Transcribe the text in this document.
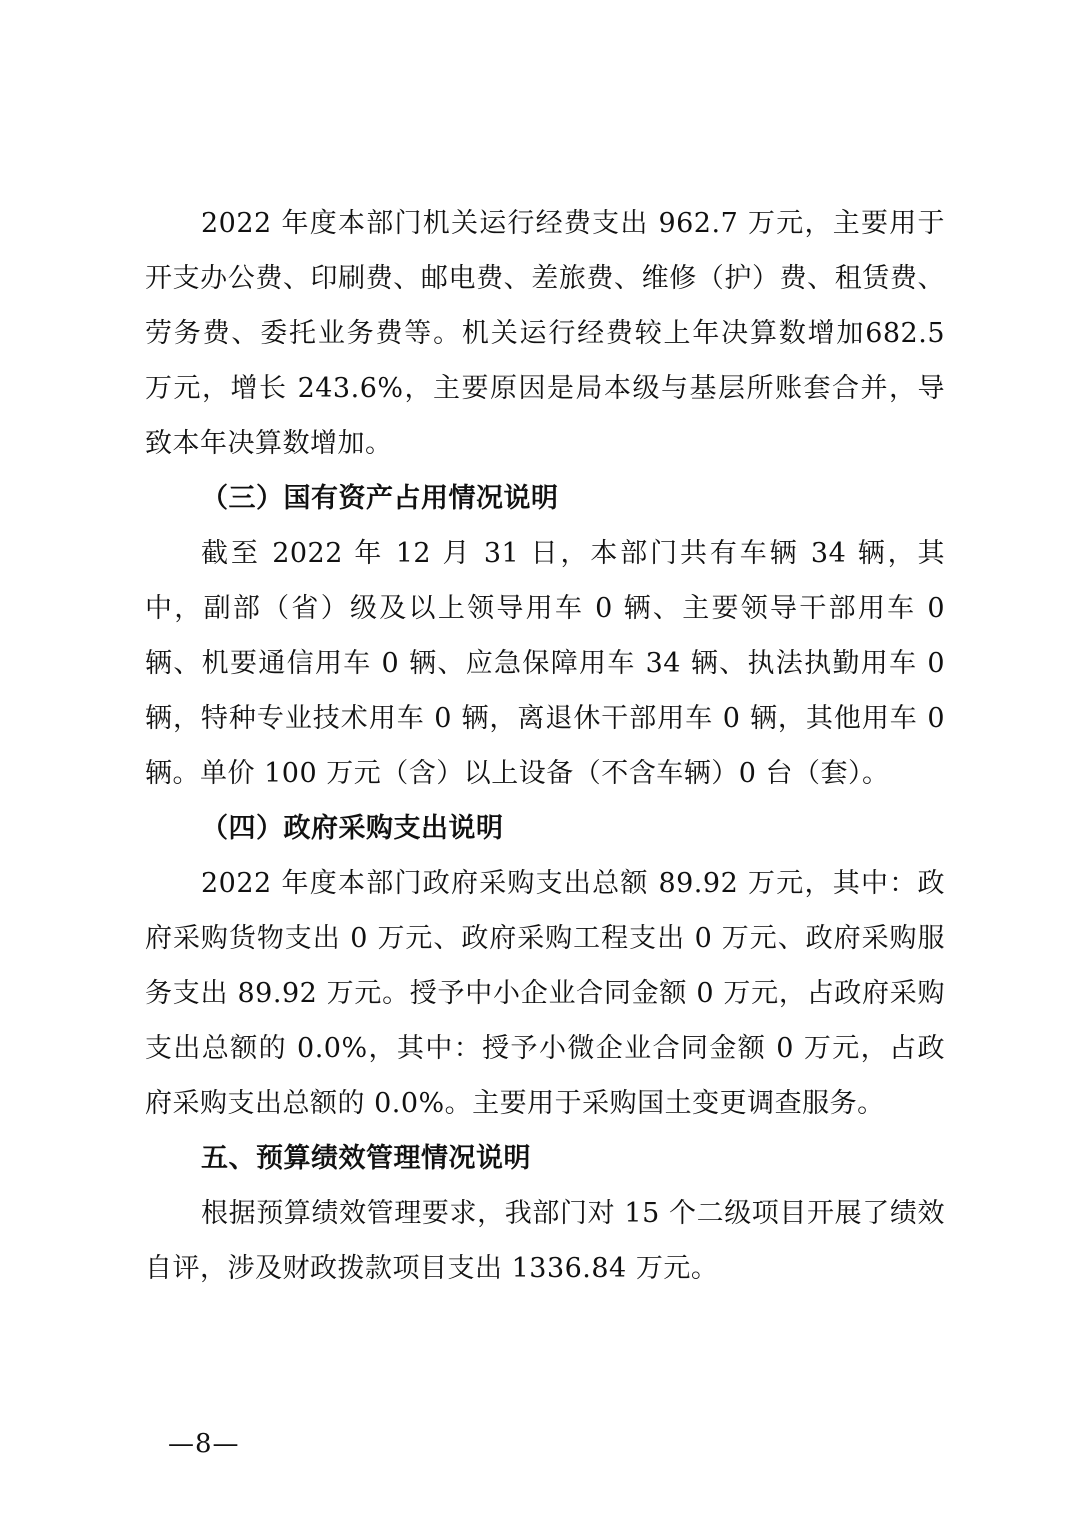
2022 年度本部门机关运行经费支出 962.7 万元，主要用于开支办公费、印刷费、邮电费、差旅费、维修（护）费、租赁费、劳务费、委托业务费等。机关运行经费较上年决算数增加682.5 万元，增长 243.6%，主要原因是局本级与基层所账套合并，导致本年决算数增加。

（三）国有资产占用情况说明

截至 2022 年 12 月 31 日，本部门共有车辆 34 辆，其中，副部（省）级及以上领导用车 0 辆、主要领导干部用车 0 辆、机要通信用车 0 辆、应急保障用车 34 辆、执法执勤用车 0 辆，特种专业技术用车 0 辆，离退休干部用车 0 辆，其他用车 0 辆。单价 100 万元（含）以上设备（不含车辆）0 台（套）。

（四）政府采购支出说明

2022 年度本部门政府采购支出总额 89.92 万元，其中：政府采购货物支出 0 万元、政府采购工程支出 0 万元、政府采购服务支出 89.92 万元。授予中小企业合同金额 0 万元，占政府采购支出总额的 0.0%，其中：授予小微企业合同金额 0 万元，占政府采购支出总额的 0.0%。主要用于采购国土变更调查服务。

五、预算绩效管理情况说明

根据预算绩效管理要求，我部门对 15 个二级项目开展了绩效自评，涉及财政拨款项目支出 1336.84 万元。

—8—
